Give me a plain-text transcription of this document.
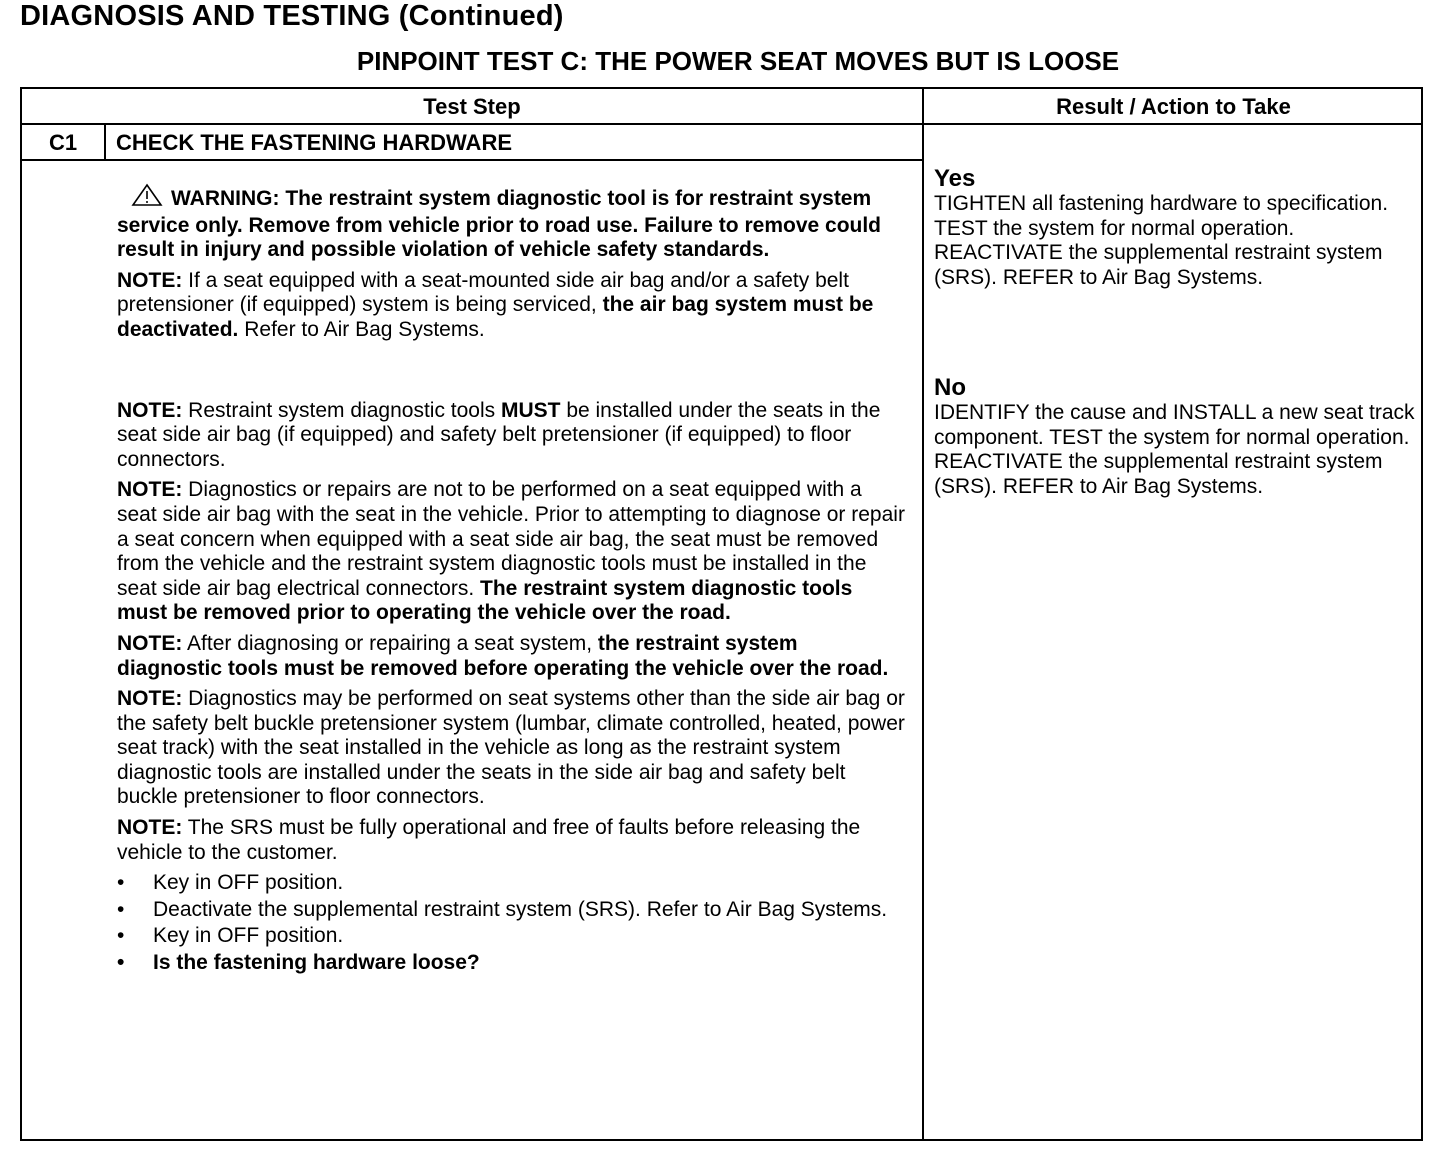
DIAGNOSIS AND TESTING (Continued)
PINPOINT TEST C: THE POWER SEAT MOVES BUT IS LOOSE
Test Step	Result / Action to Take
C1	CHECK THE FASTENING HARDWARE

WARNING: The restraint system diagnostic tool is for restraint system service only. Remove from vehicle prior to road use. Failure to remove could result in injury and possible violation of vehicle safety standards.

NOTE: If a seat equipped with a seat-mounted side air bag and/or a safety belt pretensioner (if equipped) system is being serviced, the air bag system must be deactivated. Refer to Air Bag Systems.

NOTE: Restraint system diagnostic tools MUST be installed under the seats in the seat side air bag (if equipped) and safety belt pretensioner (if equipped) to floor connectors.

NOTE: Diagnostics or repairs are not to be performed on a seat equipped with a seat side air bag with the seat in the vehicle. Prior to attempting to diagnose or repair a seat concern when equipped with a seat side air bag, the seat must be removed from the vehicle and the restraint system diagnostic tools must be installed in the seat side air bag electrical connectors. The restraint system diagnostic tools must be removed prior to operating the vehicle over the road.

NOTE: After diagnosing or repairing a seat system, the restraint system diagnostic tools must be removed before operating the vehicle over the road.

NOTE: Diagnostics may be performed on seat systems other than the side air bag or the safety belt buckle pretensioner system (lumbar, climate controlled, heated, power seat track) with the seat installed in the vehicle as long as the restraint system diagnostic tools are installed under the seats in the side air bag and safety belt buckle pretensioner to floor connectors.

NOTE: The SRS must be fully operational and free of faults before releasing the vehicle to the customer.

• Key in OFF position.
• Deactivate the supplemental restraint system (SRS). Refer to Air Bag Systems.
• Key in OFF position.
• Is the fastening hardware loose?
Yes
TIGHTEN all fastening hardware to specification. TEST the system for normal operation. REACTIVATE the supplemental restraint system (SRS). REFER to Air Bag Systems.
No
IDENTIFY the cause and INSTALL a new seat track component. TEST the system for normal operation. REACTIVATE the supplemental restraint system (SRS). REFER to Air Bag Systems.
